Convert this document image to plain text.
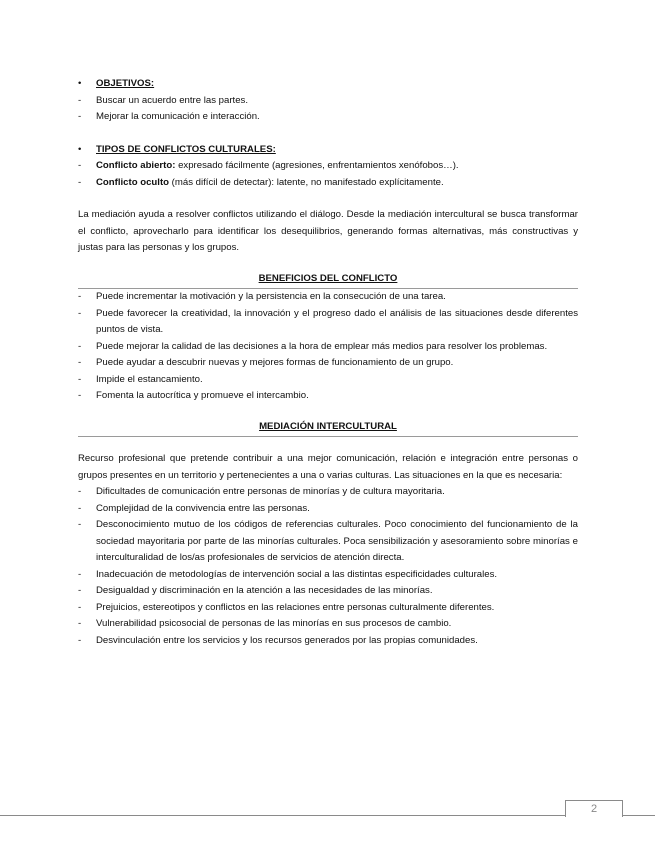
• OBJETIVOS:

- Buscar un acuerdo entre las partes.
- Mejorar la comunicación e interacción.

• TIPOS DE CONFLICTOS CULTURALES:

- Conflicto abierto: expresado fácilmente (agresiones, enfrentamientos xenófobos…).
- Conflicto oculto (más difícil de detectar): latente, no manifestado explícitamente.

La mediación ayuda a resolver conflictos utilizando el diálogo. Desde la mediación intercultural se busca transformar el conflicto, aprovecharlo para identificar los desequilibrios, generando formas alternativas, más constructivas y justas para las personas y los grupos.

BENEFICIOS DEL CONFLICTO

- Puede incrementar la motivación y la persistencia en la consecución de una tarea.
- Puede favorecer la creatividad, la innovación y el progreso dado el análisis de las situaciones desde diferentes puntos de vista.
- Puede mejorar la calidad de las decisiones a la hora de emplear más medios para resolver los problemas.
- Puede ayudar a descubrir nuevas y mejores formas de funcionamiento de un grupo.
- Impide el estancamiento.
- Fomenta la autocrítica y promueve el intercambio.

MEDIACIÓN INTERCULTURAL

Recurso profesional que pretende contribuir a una mejor comunicación, relación e integración entre personas o grupos presentes en un territorio y pertenecientes a una o varias culturas. Las situaciones en la que es necesaria:

- Dificultades de comunicación entre personas de minorías y de cultura mayoritaria.
- Complejidad de la convivencia entre las personas.
- Desconocimiento mutuo de los códigos de referencias culturales. Poco conocimiento del funcionamiento de la sociedad mayoritaria por parte de las minorías culturales. Poca sensibilización y asesoramiento sobre minorías e interculturalidad de los/as profesionales de servicios de atención directa.
- Inadecuación de metodologías de intervención social a las distintas especificidades culturales.
- Desigualdad y discriminación en la atención a las necesidades de las minorías.
- Prejuicios, estereotipos y conflictos en las relaciones entre personas culturalmente diferentes.
- Vulnerabilidad psicosocial de personas de las minorías en sus procesos de cambio.
- Desvinculación entre los servicios y los recursos generados por las propias comunidades.
2
